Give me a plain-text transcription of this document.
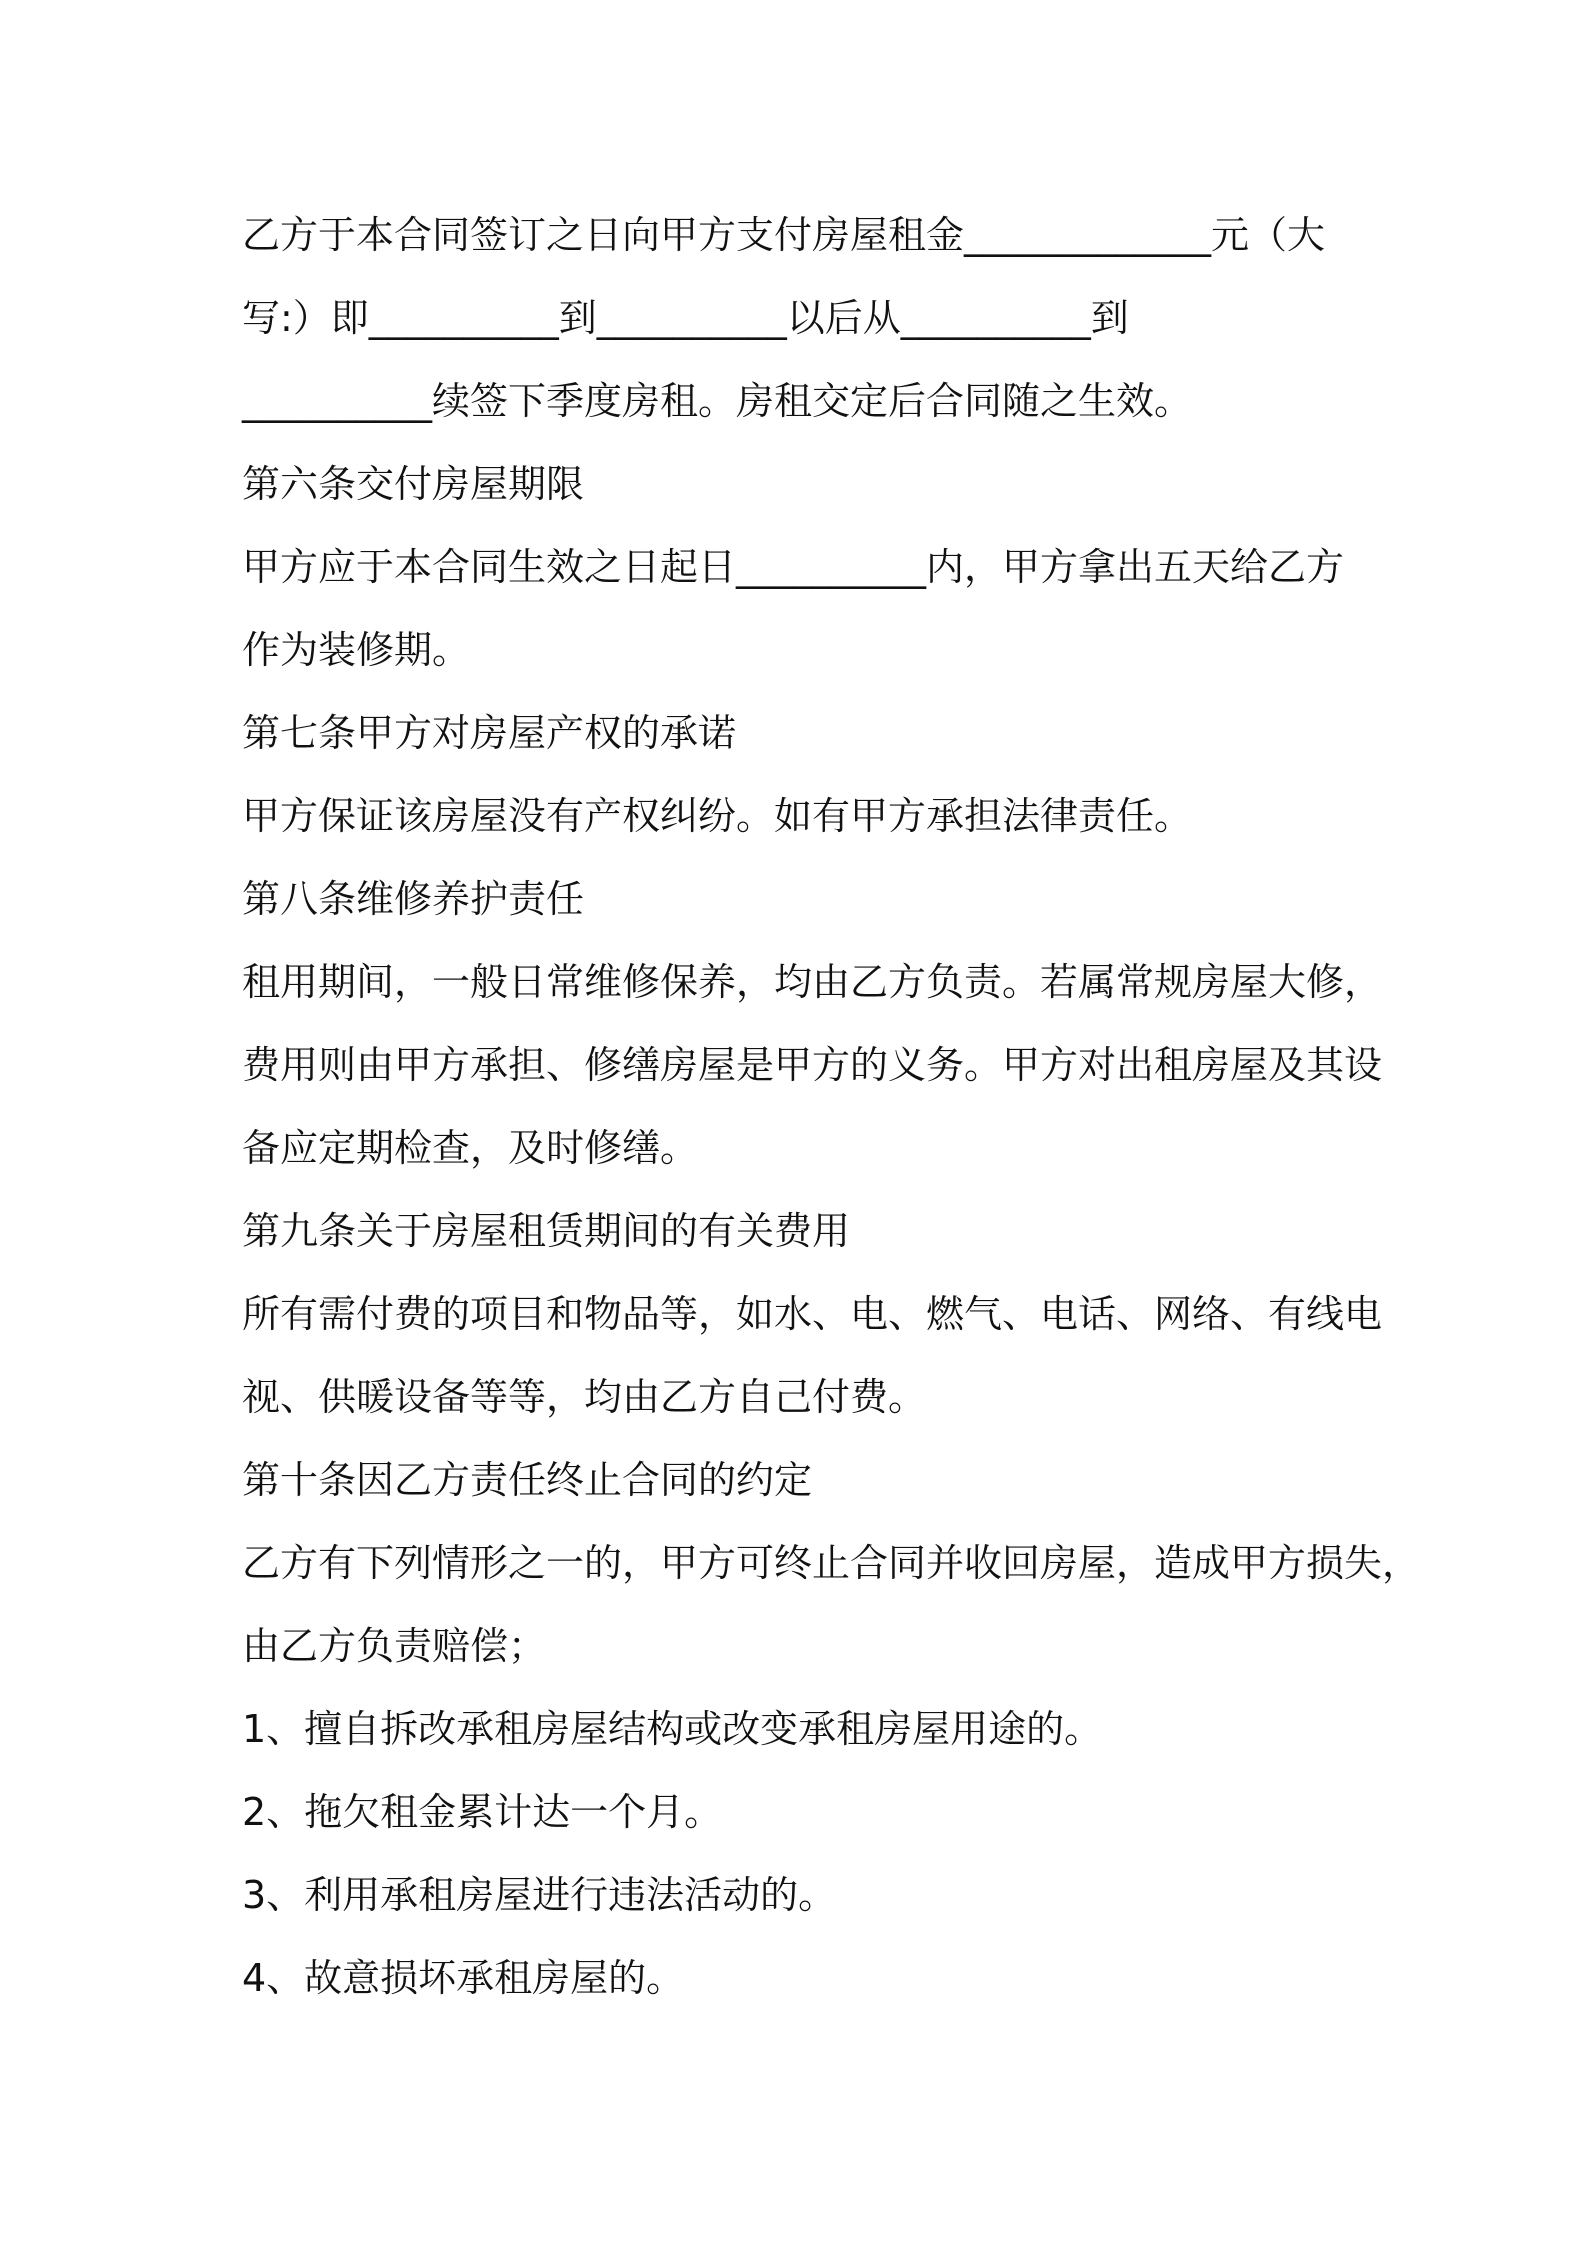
乙方于本合同签订之日向甲方支付房屋租金_____________元（大
写:）即__________到__________以后从__________到
__________续签下季度房租。房租交定后合同随之生效。
第六条交付房屋期限
甲方应于本合同生效之日起日__________内，甲方拿出五天给乙方
作为装修期。
第七条甲方对房屋产权的承诺
甲方保证该房屋没有产权纠纷。如有甲方承担法律责任。
第八条维修养护责任
租用期间，一般日常维修保养，均由乙方负责。若属常规房屋大修，
费用则由甲方承担、修缮房屋是甲方的义务。甲方对出租房屋及其设
备应定期检查，及时修缮。
第九条关于房屋租赁期间的有关费用
所有需付费的项目和物品等，如水、电、燃气、电话、网络、有线电
视、供暖设备等等，均由乙方自己付费。
第十条因乙方责任终止合同的约定
乙方有下列情形之一的，甲方可终止合同并收回房屋，造成甲方损失，
由乙方负责赔偿；
1、擅自拆改承租房屋结构或改变承租房屋用途的。
2、拖欠租金累计达一个月。
3、利用承租房屋进行违法活动的。
4、故意损坏承租房屋的。
